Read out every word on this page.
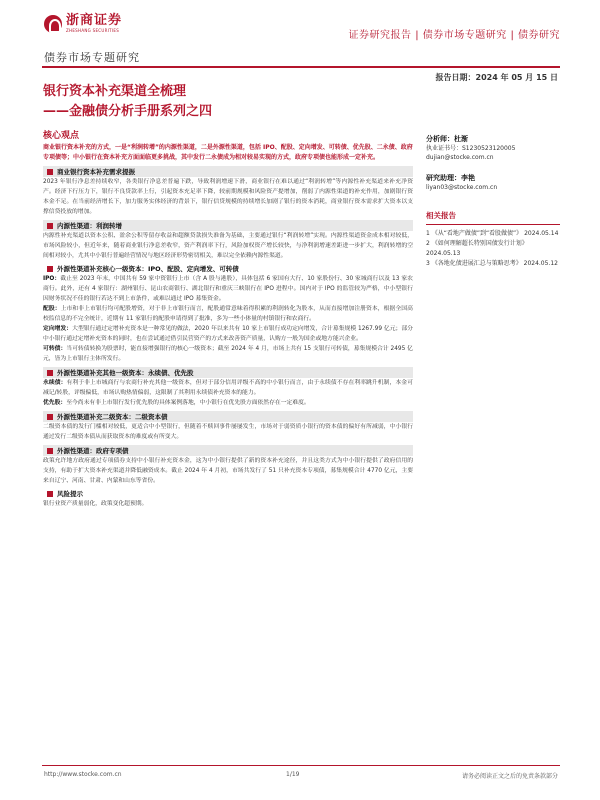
浙商证券
ZHESHANG SECURITIES	证券研究报告 | 债券市场专题研究 | 债券研究
债券市场专题研究
报告日期：2024 年 05 月 15 日
银行资本补充渠道全梳理
——金融债分析手册系列之四
核心观点
商业银行资本补充的方式，一是“利润转增”的内源性渠道，二是外源性渠道，包括 IPO、配股、定向增发、可转债、优先股、二永债、政府专项债等；中小银行在资本补充方面面临更多挑战，其中发行二永债成为相对较易实现的方式，政府专项债也能形成一定补充。
商业银行资本补充需求提振
2023 年银行净息差持续收窄，各类银行净息差普遍下跌，导致利润增速下滑，商业银行在难以通过“利润转增”等内源性补充渠道来补充净资产。经济下行压力下，银行不良贷款率上行，引起资本充足率下降，较前期规模和风险资产提增加，削弱了内源性渠道的补充作用，加剧银行资本金不足。在当前经济增长下，加力服务实体经济的背景下，银行信贷规模的持续增长加剧了银行的资本消耗，商业银行资本需求扩大资本以支撑信贷投放的增加。
内源性渠道：利润转增
内源性补充渠道以资本公积、盈余公积等留存收益和超额贷款损失准备为基础，主要通过银行“利润转增”实现。内源性渠道资金成本相对较低，市场风险较小，但近年来，随着商业银行净息差收窄，资产利润率下行，风险加权资产增长较快，与净利润增速差距进一步扩大，利润转增的空间相对较小，尤其中小银行普遍经营情况与地区经济形势密切相关，难以完全依赖内源性渠道。
外源性渠道补充核心一级资本：IPO、配股、定向增发、可转债
IPO：截止至 2023 年末，中国共有 59 家中资银行上市（含 A 股与港股），具体包括 6 家国有大行、10 家股份行、30 家城商行以及 13 家农商行。此外，还有 4 家银行：湖州银行、昆山农商银行、湖北银行和重庆三峡银行在 IPO 进程中。国内对于 IPO 的监管较为严格，中小型银行因财务状况不佳的银行若达不到上市条件，或难以通过 IPO 募集资金。
配股：上市和非上市银行均可配股增资，对于非上市银行而言，配股通常意味着得积累的利润转化为股本，从而直接增加注册资本，根据全国高校监信息的不完全统计，近期有 11 家银行的配股申请得到了批准，多为一些小体量的村镇银行和农商行。
定向增发：大型银行通过定增补充资本是一种常见的做法，2020 年以来共有 10 家上市银行成功定向增发，合计募集规模 1267.99 亿元；部分中小银行通过定增补充资本的同时，也在尝试通过借引民营资产的方式来改善资产质量，认购方一般为国企或地方能兴企业。
可转债：当可转债转换为股票时，能直接增强银行的核心一级资本；截至 2024 年 4 月，市场上共有 15 支银行可转债，募集规模合计 2495 亿元，皆为上市银行主体所发行。
外源性渠道补充其他一级资本：永续债、优先股
永续债：有利于非上市城商行与农商行补充其他一级资本，但对于部分信用评级不高的中小银行而言，由于永续债不存在利率跳升机制，本金可减记/转股，评级偏低，市场认购热情偏弱，这限制了其利用永续债补充资本的能力。
优先股：至今尚未有非上市银行发行优先股的具体案例落地，中小银行在优先股方面依然存在一定难度。
外源性渠道补充二级资本：二级资本债
二级资本债的发行门槛相对较低，更适合中小型银行，但随着不赎回事件屡屡发生，市场对于弱资质小银行的资本债的偏好有所减弱，中小银行通过发行二级资本债从而获取资本的难度或有所变大。
外源性渠道：政府专项债
政策允许地方政府通过专项债券支持中小银行补充资本金，这为中小银行提供了新的资本补充途径，并且这类方式为中小银行提供了政府信用的支持，有助于扩大资本补充渠道并降低融资成本。截止 2024 年 4 月初，市场共发行了 51 只补充资本专项债，募集规模合计 4770 亿元，主要来自辽宁、河南、甘肃、内蒙和山东等省份。
风险提示
银行业资产质量弱化，政策变化超预期。
分析师：杜渐
执业证书号：S1230523120005
dujian@stocke.com.cn
研究助理：李艳
liyan03@stocke.com.cn
相关报告
1 《从“看地产做债”到“看股做债”》 2024.05.14
2 《如何理解超长特别国债发行计划》 2024.05.13
3 《各地化债进展汇总与策略思考》 2024.05.12
http://www.stocke.com.cn	1/19	请务必阅读正文之后的免责条款部分
